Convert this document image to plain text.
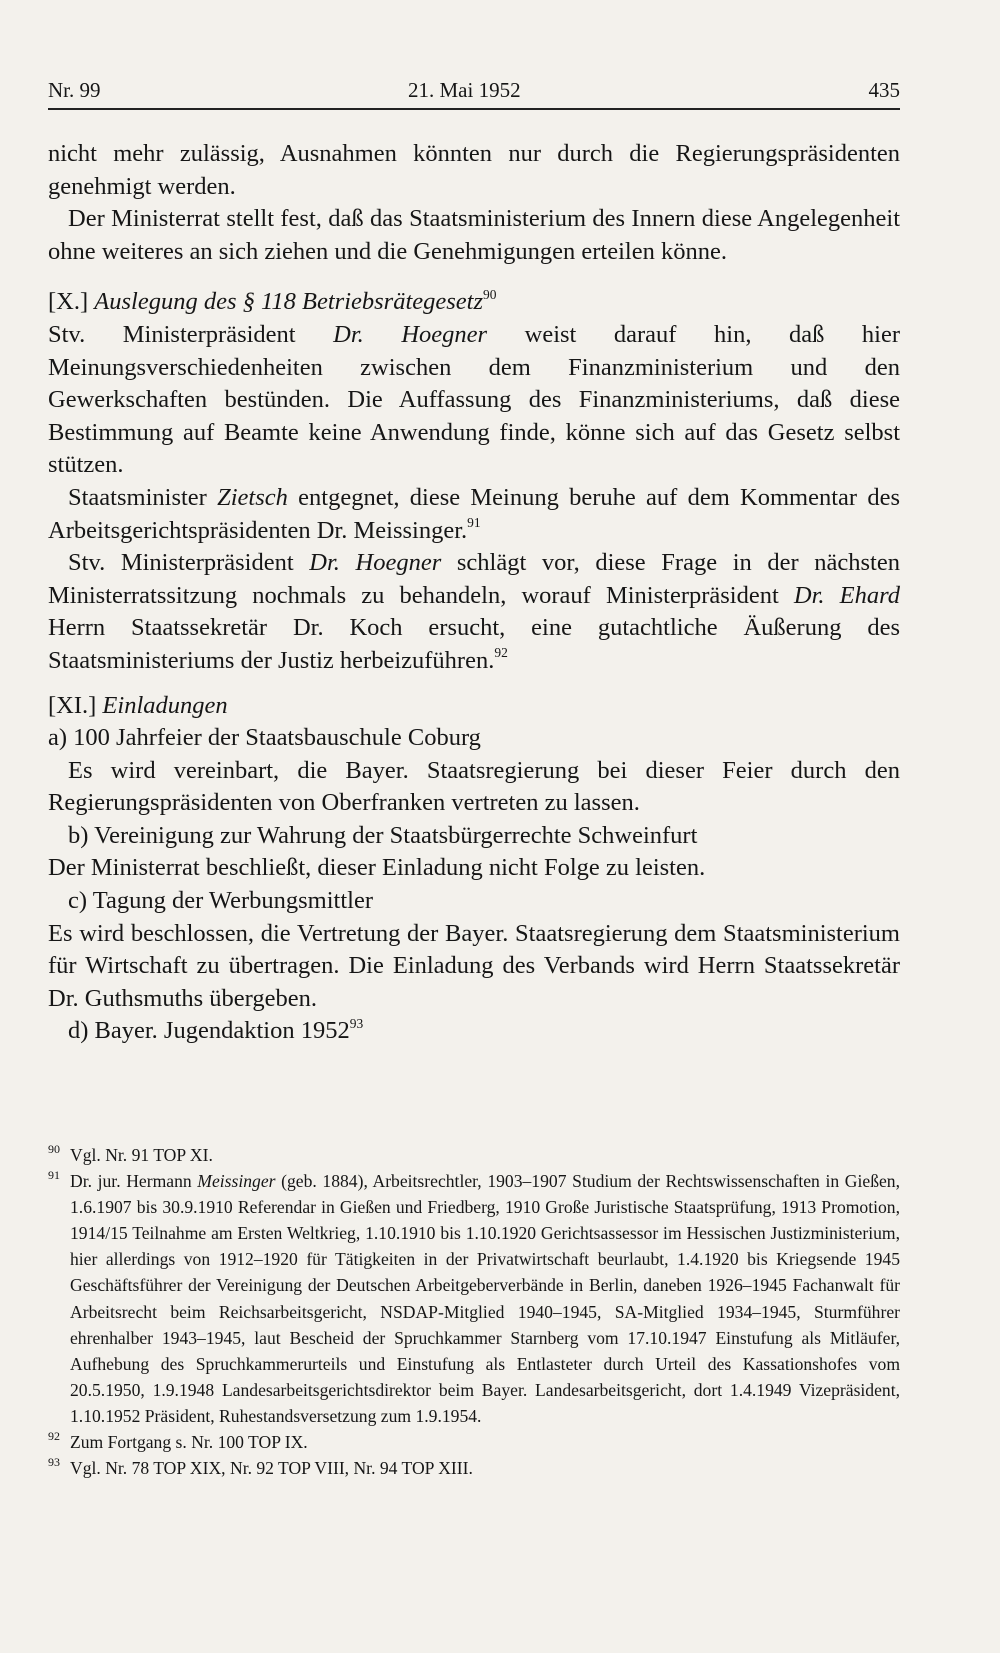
Nr. 99	21. Mai 1952	435

nicht mehr zulässig, Ausnahmen könnten nur durch die Regierungspräsidenten genehmigt werden.

Der Ministerrat stellt fest, daß das Staatsministerium des Innern diese Angelegenheit ohne weiteres an sich ziehen und die Genehmigungen erteilen könne.

[X.] Auslegung des § 118 Betriebsrätegesetz$^{90}$

Stv. Ministerpräsident Dr. Hoegner weist darauf hin, daß hier Meinungsverschiedenheiten zwischen dem Finanzministerium und den Gewerkschaften bestünden. Die Auffassung des Finanzministeriums, daß diese Bestimmung auf Beamte keine Anwendung finde, könne sich auf das Gesetz selbst stützen.

Staatsminister Zietsch entgegnet, diese Meinung beruhe auf dem Kommentar des Arbeitsgerichtspräsidenten Dr. Meissinger.$^{91}$

Stv. Ministerpräsident Dr. Hoegner schlägt vor, diese Frage in der nächsten Ministerratssitzung nochmals zu behandeln, worauf Ministerpräsident Dr. Ehard Herrn Staatssekretär Dr. Koch ersucht, eine gutachtliche Äußerung des Staatsministeriums der Justiz herbeizuführen.$^{92}$

[XI.] Einladungen

a) 100 Jahrfeier der Staatsbauschule Coburg

Es wird vereinbart, die Bayer. Staatsregierung bei dieser Feier durch den Regierungspräsidenten von Oberfranken vertreten zu lassen.

b) Vereinigung zur Wahrung der Staatsbürgerrechte Schweinfurt

Der Ministerrat beschließt, dieser Einladung nicht Folge zu leisten.

c) Tagung der Werbungsmittler

Es wird beschlossen, die Vertretung der Bayer. Staatsregierung dem Staatsministerium für Wirtschaft zu übertragen. Die Einladung des Verbands wird Herrn Staatssekretär Dr. Guthsmuths übergeben.

d) Bayer. Jugendaktion 1952$^{93}$

90 Vgl. Nr. 91 TOP XI.

91 Dr. jur. Hermann Meissinger (geb. 1884), Arbeitsrechtler, 1903–1907 Studium der Rechtswissenschaften in Gießen, 1.6.1907 bis 30.9.1910 Referendar in Gießen und Friedberg, 1910 Große Juristische Staatsprüfung, 1913 Promotion, 1914/15 Teilnahme am Ersten Weltkrieg, 1.10.1910 bis 1.10.1920 Gerichtsassessor im Hessischen Justizministerium, hier allerdings von 1912–1920 für Tätigkeiten in der Privatwirtschaft beurlaubt, 1.4.1920 bis Kriegsende 1945 Geschäftsführer der Vereinigung der Deutschen Arbeitgeberverbände in Berlin, daneben 1926–1945 Fachanwalt für Arbeitsrecht beim Reichsarbeitsgericht, NSDAP-Mitglied 1940–1945, SA-Mitglied 1934–1945, Sturmführer ehrenhalber 1943–1945, laut Bescheid der Spruchkammer Starnberg vom 17.10.1947 Einstufung als Mitläufer, Aufhebung des Spruchkammerurteils und Einstufung als Entlasteter durch Urteil des Kassationshofes vom 20.5.1950, 1.9.1948 Landesarbeitsgerichtsdirektor beim Bayer. Landesarbeitsgericht, dort 1.4.1949 Vizepräsident, 1.10.1952 Präsident, Ruhestandsversetzung zum 1.9.1954.

92 Zum Fortgang s. Nr. 100 TOP IX.

93 Vgl. Nr. 78 TOP XIX, Nr. 92 TOP VIII, Nr. 94 TOP XIII.
